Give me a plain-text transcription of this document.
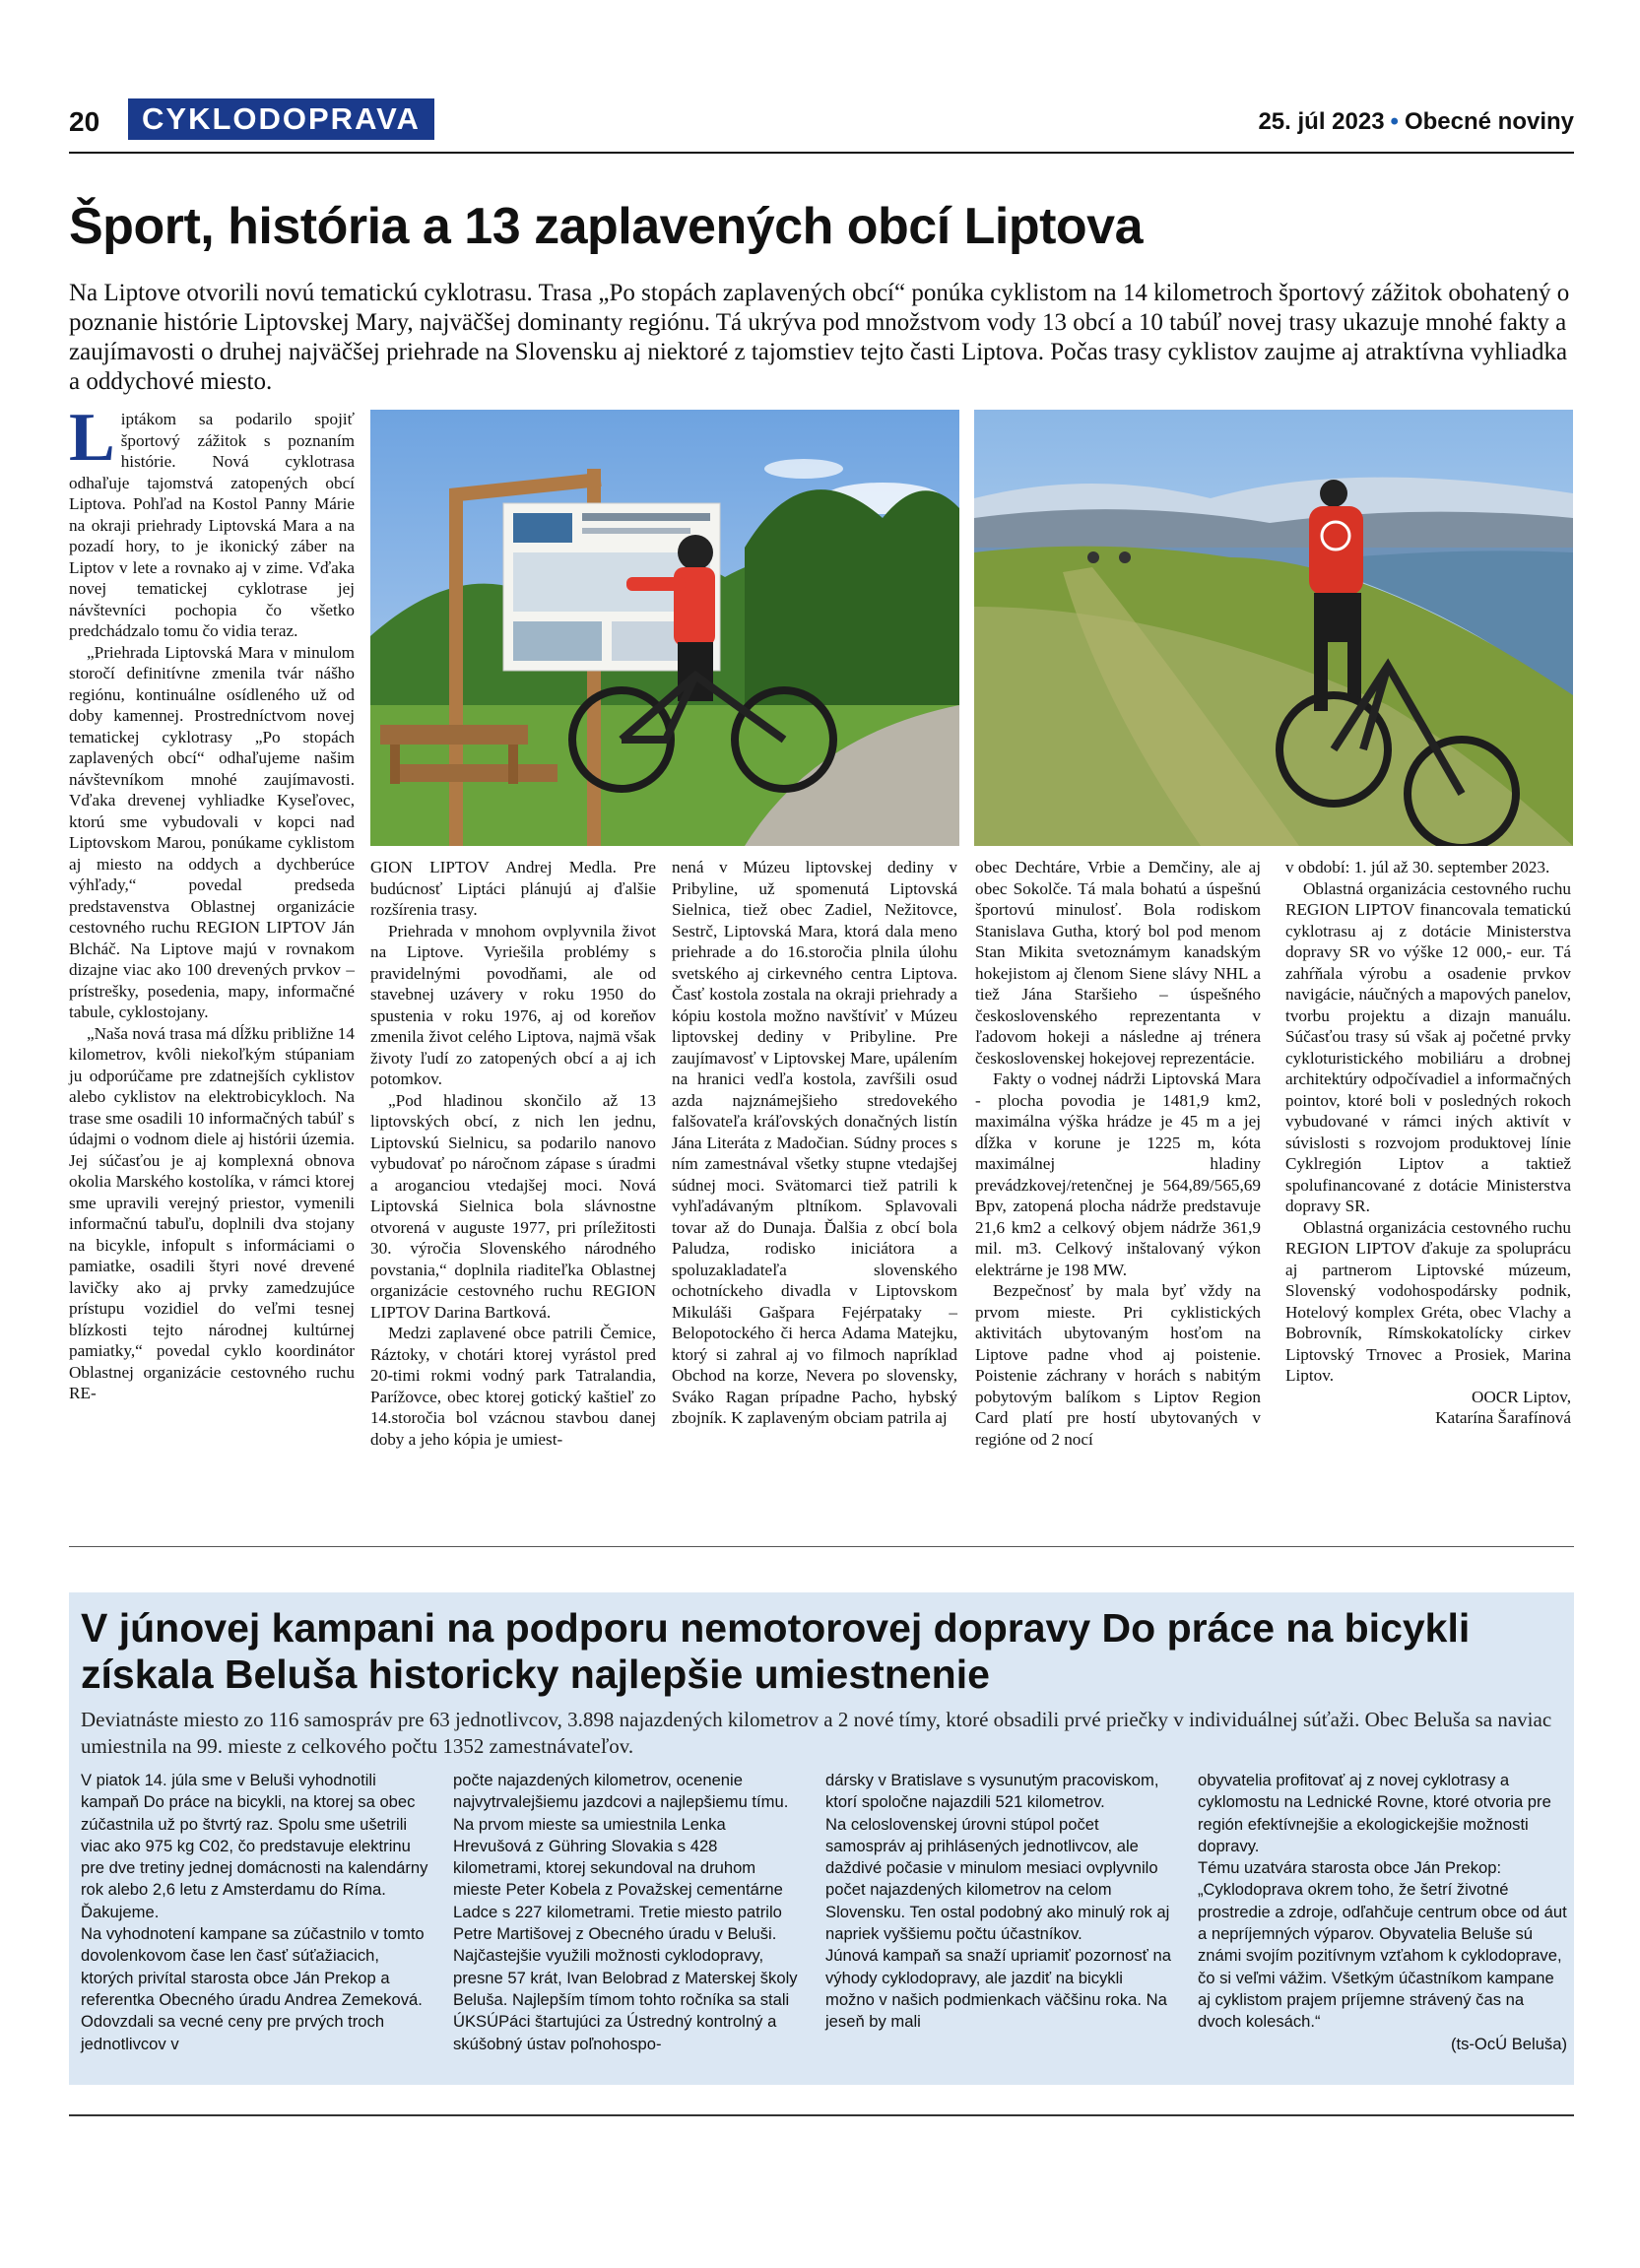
20	CYKLODOPRAVA	25. júl 2023 • Obecné noviny
Šport, história a 13 zaplavených obcí Liptova

Na Liptove otvorili novú tematickú cyklotrasu. Trasa „Po stopách zaplavených obcí“ ponúka cyklistom na 14 kilometroch športový zážitok obohatený o poznanie histórie Liptovskej Mary, najväčšej dominanty regiónu. Tá ukrýva pod množstvom vody 13 obcí a 10 tabúľ novej trasy ukazuje mnohé fakty a zaujímavosti o druhej najväčšej priehrade na Slovensku aj niektoré z tajomstiev tejto časti Liptova. Počas trasy cyklistov zaujme aj atraktívna vyhliadka a oddychové miesto.

Liptákom sa podarilo spojiť športový zážitok s poznaním histórie. Nová cyklotrasa odhaľuje tajomstvá zatopených obcí Liptova. Pohľad na Kostol Panny Márie na okraji priehrady Liptovská Mara a na pozadí hory, to je ikonický záber na Liptov v lete a rovnako aj v zime. Vďaka novej tematickej cyklotrase jej návštevníci pochopia čo všetko predchádzalo tomu čo vidia teraz.

„Priehrada Liptovská Mara v minulom storočí definitívne zmenila tvár nášho regiónu, kontinuálne osídleného už od doby kamennej. Prostredníctvom novej tematickej cyklotrasy „Po stopách zaplavených obcí“ odhaľujeme našim návštevníkom mnohé zaujímavosti. Vďaka drevenej vyhliadke Kyseľovec, ktorú sme vybudovali v kopci nad Liptovskom Marou, ponúkame cyklistom aj miesto na oddych a dychberúce výhľady,“ povedal predseda predstavenstva Oblastnej organizácie cestovného ruchu REGION LIPTOV Ján Blcháč. Na Liptove majú v rovnakom dizajne viac ako 100 drevených prvkov – prístrešky, posedenia, mapy, informačné tabule, cyklostojany.

„Naša nová trasa má dĺžku približne 14 kilometrov, kvôli niekoľkým stúpaniam ju odporúčame pre zdatnejších cyklistov alebo cyklistov na elektrobicykloch. Na trase sme osadili 10 informačných tabúľ s údajmi o vodnom diele aj histórii územia. Jej súčasťou je aj komplexná obnova okolia Marského kostolíka, v rámci ktorej sme upravili verejný priestor, vymenili informačnú tabuľu, doplnili dva stojany na bicykle, infopult s informáciami o pamiatke, osadili štyri nové drevené lavičky ako aj prvky zamedzujúce prístupu vozidiel do veľmi tesnej blízkosti tejto národnej kultúrnej pamiatky,“ povedal cyklo koordinátor Oblastnej organizácie cestovného ruchu RE-

GION LIPTOV Andrej Medla. Pre budúcnosť Liptáci plánujú aj ďalšie rozšírenia trasy.

Priehrada v mnohom ovplyvnila život na Liptove. Vyriešila problémy s pravidelnými povodňami, ale od stavebnej uzávery v roku 1950 do spustenia v roku 1976, aj od koreňov zmenila život celého Liptova, najmä však životy ľudí zo zatopených obcí a aj ich potomkov.

„Pod hladinou skončilo až 13 liptovských obcí, z nich len jednu, Liptovskú Sielnicu, sa podarilo nanovo vybudovať po náročnom zápase s úradmi a aroganciou vtedajšej moci. Nová Liptovská Sielnica bola slávnostne otvorená v auguste 1977, pri príležitosti 30. výročia Slovenského národného povstania,“ doplnila riaditeľka Oblastnej organizácie cestovného ruchu REGION LIPTOV Darina Bartková.

Medzi zaplavené obce patrili Čemice, Ráztoky, v chotári ktorej vyrástol pred 20-timi rokmi vodný park Tatralandia, Parížovce, obec ktorej gotický kaštieľ zo 14.storočia bol vzácnou stavbou danej doby a jeho kópia je umiest-

nená v Múzeu liptovskej dediny v Pribyline, už spomenutá Liptovská Sielnica, tiež obec Zadiel, Nežitovce, Sestrč, Liptovská Mara, ktorá dala meno priehrade a do 16.storočia plnila úlohu svetského aj cirkevného centra Liptova. Časť kostola zostala na okraji priehrady a kópiu kostola možno navštíviť v Múzeu liptovskej dediny v Pribyline. Pre zaujímavosť v Liptovskej Mare, upálením na hranici vedľa kostola, zavŕšili osud azda najznámejšieho stredovekého falšovateľa kráľovských donačných listín Jána Literáta z Madočian. Súdny proces s ním zamestnával všetky stupne vtedajšej súdnej moci. Svätomarci tiež patrili k vyhľadávaným pltníkom. Splavovali tovar až do Dunaja. Ďalšia z obcí bola Paludza, rodisko iniciátora a spoluzakladateľa slovenského ochotníckeho divadla v Liptovskom Mikuláši Gašpara Fejérpataky – Belopotockého či herca Adama Matejku, ktorý si zahral aj vo filmoch napríklad Obchod na korze, Nevera po slovensky, Sváko Ragan prípadne Pacho, hybský zbojník. K zaplaveným obciam patrila aj

obec Dechtáre, Vrbie a Demčiny, ale aj obec Sokolče. Tá mala bohatú a úspešnú športovú minulosť. Bola rodiskom Stanislava Gutha, ktorý bol pod menom Stan Mikita svetoznámym kanadským hokejistom aj členom Siene slávy NHL a tiež Jána Staršieho – úspešného československého reprezentanta v ľadovom hokeji a následne aj trénera československej hokejovej reprezentácie.

Fakty o vodnej nádrži Liptovská Mara - plocha povodia je 1481,9 km2, maximálna výška hrádze je 45 m a jej dĺžka v korune je 1225 m, kóta maximálnej hladiny prevádzkovej/retenčnej je 564,89/565,69 Bpv, zatopená plocha nádrže predstavuje 21,6 km2 a celkový objem nádrže 361,9 mil. m3. Celkový inštalovaný výkon elektrárne je 198 MW.

Bezpečnosť by mala byť vždy na prvom mieste. Pri cyklistických aktivitách ubytovaným hosťom na Liptove padne vhod aj poistenie. Poistenie záchrany v horách s nabitým pobytovým balíkom s Liptov Region Card platí pre hostí ubytovaných v regióne od 2 nocí

v období: 1. júl až 30. september 2023.

Oblastná organizácia cestovného ruchu REGION LIPTOV financovala tematickú cyklotrasu aj z dotácie Ministerstva dopravy SR vo výške 12 000,- eur. Tá zahŕňala výrobu a osadenie prvkov navigácie, náučných a mapových panelov, tvorbu projektu a dizajn manuálu. Súčasťou trasy sú však aj početné prvky cykloturistického mobiliáru a drobnej architektúry odpočívadiel a informačných pointov, ktoré boli v posledných rokoch vybudované v rámci iných aktivít v súvislosti s rozvojom produktovej línie Cyklregión Liptov a taktiež spolufinancované z dotácie Ministerstva dopravy SR.

Oblastná organizácia cestovného ruchu REGION LIPTOV ďakuje za spoluprácu aj partnerom Liptovské múzeum, Slovenský vodohospodársky podnik, Hotelový komplex Gréta, obec Vlachy a Bobrovník, Rímskokatolícky cirkev Liptovský Trnovec a Prosiek, Marina Liptov.

OOCR Liptov,

Katarína Šarafínová

V júnovej kampani na podporu nemotorovej dopravy Do práce na bicykli získala Beluša historicky najlepšie umiestnenie

Deviatnáste miesto zo 116 samospráv pre 63 jednotlivcov, 3.898 najazdených kilometrov a 2 nové tímy, ktoré obsadili prvé priečky v individuálnej súťaži. Obec Beluša sa naviac umiestnila na 99. mieste z celkového počtu 1352 zamestnávateľov.

V piatok 14. júla sme v Beluši vyhodnotili kampaň Do práce na bicykli, na ktorej sa obec zúčastnila už po štvrtý raz. Spolu sme ušetrili viac ako 975 kg C02, čo predstavuje elektrinu pre dve tretiny jednej domácnosti na kalendárny rok alebo 2,6 letu z Amsterdamu do Ríma. Ďakujeme.
Na vyhodnotení kampane sa zúčastnilo v tomto dovolenkovom čase len časť súťažiacich, ktorých privítal starosta obce Ján Prekop a referentka Obecného úradu Andrea Zemeková. Odovzdali sa vecné ceny pre prvých troch jednotlivcov v
počte najazdených kilometrov, ocenenie najvytrvalejšiemu jazdcovi a najlepšiemu tímu. Na prvom mieste sa umiestnila Lenka Hrevušová z Gühring Slovakia s 428 kilometrami, ktorej sekundoval na druhom mieste Peter Kobela z Považskej cementárne Ladce s 227 kilometrami. Tretie miesto patrilo Petre Martišovej z Obecného úradu v Beluši. Najčastejšie využili možnosti cyklodopravy, presne 57 krát, Ivan Belobrad z Materskej školy Beluša. Najlepším tímom tohto ročníka sa stali ÚKSÚPáci štartujúci za Ústredný kontrolný a skúšobný ústav poľnohospo-
dársky v Bratislave s vysunutým pracoviskom, ktorí spoločne najazdili 521 kilometrov.
Na celoslovenskej úrovni stúpol počet samospráv aj prihlásených jednotlivcov, ale daždivé počasie v minulom mesiaci ovplyvnilo počet najazdených kilometrov na celom Slovensku. Ten ostal podobný ako minulý rok aj napriek vyššiemu počtu účastníkov.
Júnová kampaň sa snaží upriamiť pozornosť na výhody cyklodopravy, ale jazdiť na bicykli možno v našich podmienkach väčšinu roka. Na jeseň by mali
obyvatelia profitovať aj z novej cyklotrasy a cyklomostu na Lednické Rovne, ktoré otvoria pre región efektívnejšie a ekologickejšie možnosti dopravy.
Tému uzatvára starosta obce Ján Prekop: „Cyklodoprava okrem toho, že šetrí životné prostredie a zdroje, odľahčuje centrum obce od áut a nepríjemných výparov. Obyvatelia Beluše sú známi svojím pozitívnym vzťahom k cyklodoprave, čo si veľmi vážim. Všetkým účastníkom kampane aj cyklistom prajem príjemne strávený čas na dvoch kolesách.“
(ts-OcÚ Beluša)
